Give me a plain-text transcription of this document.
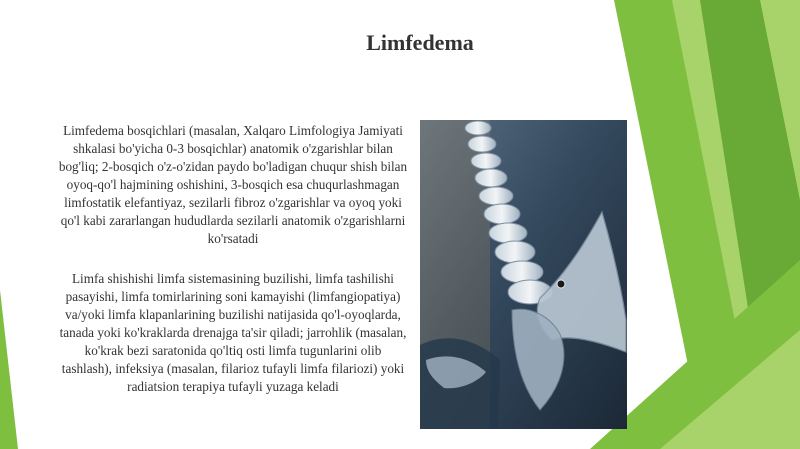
Limfedema

Limfedema bosqichlari (masalan, Xalqaro Limfologiya Jamiyati shkalasi bo'yicha 0-3 bosqichlar) anatomik o'zgarishlar bilan bog'liq; 2-bosqich o'z-o'zidan paydo bo'ladigan chuqur shish bilan oyoq-qo'l hajmining oshishini, 3-bosqich esa chuqurlashmagan limfostatik elefantiyaz, sezilarli fibroz o'zgarishlar va oyoq yoki qo'l kabi zararlangan hududlarda sezilarli anatomik o'zgarishlarni ko'rsatadi

Limfa shishishi limfa sistemasining buzilishi, limfa tashilishi pasayishi, limfa tomirlarining soni kamayishi (limfangiopatiya) va/yoki limfa klapanlarining buzilishi natijasida qo'l-oyoqlarda, tanada yoki ko'kraklarda drenajga ta'sir qiladi; jarrohlik (masalan, ko'krak bezi saratonida qo'ltiq osti limfa tugunlarini olib tashlash), infeksiya (masalan, filarioz tufayli limfa filariozi) yoki radiatsion terapiya tufayli yuzaga keladi
